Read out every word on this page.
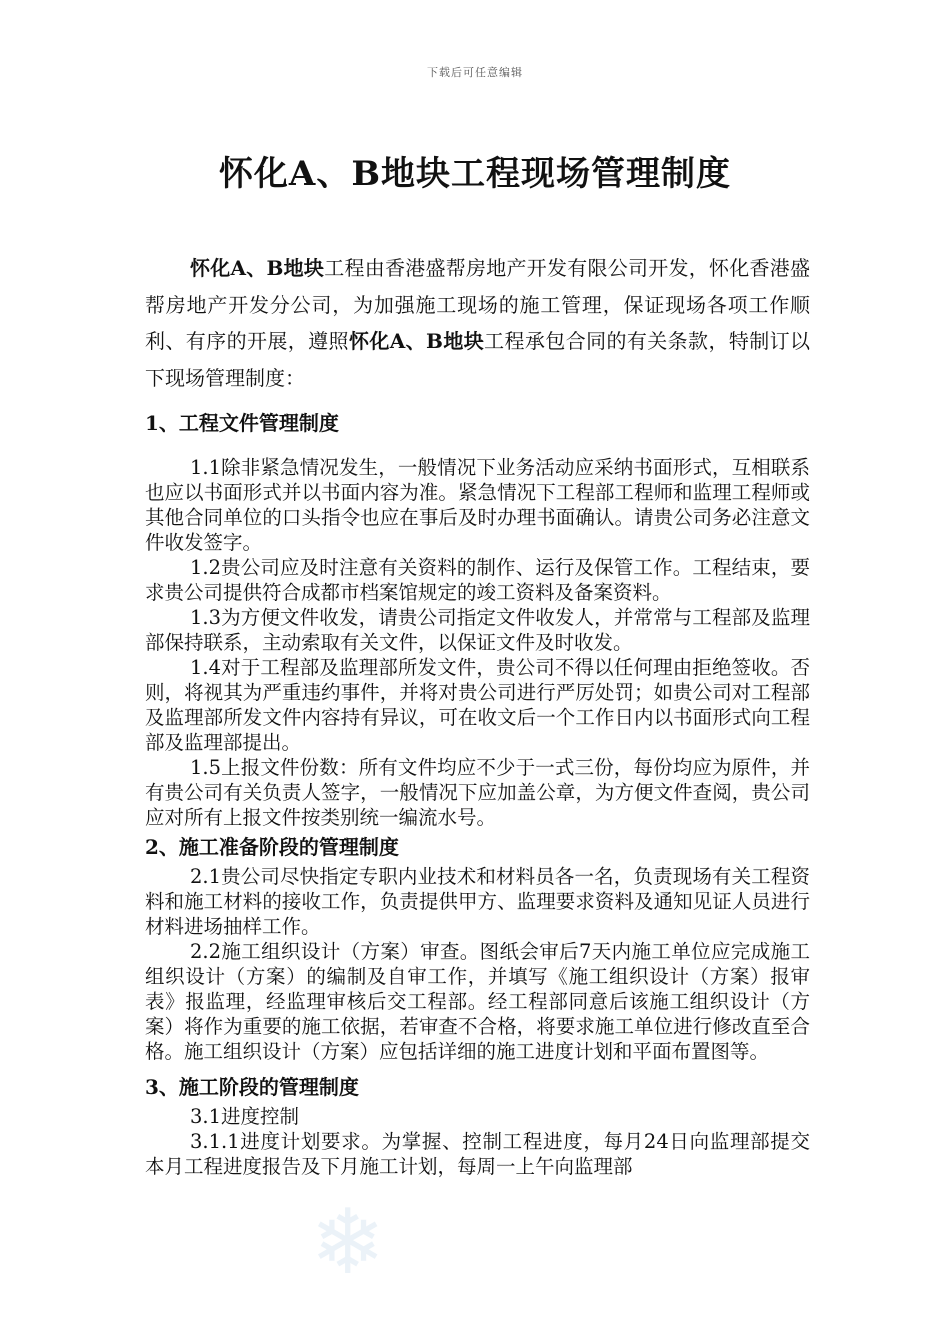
❄
下载后可任意编辑
怀化A、B地块工程现场管理制度

怀化A、B地块工程由香港盛帮房地产开发有限公司开发，怀化香港盛帮房地产开发分公司，为加强施工现场的施工管理，保证现场各项工作顺利、有序的开展，遵照怀化A、B地块工程承包合同的有关条款，特制订以下现场管理制度：

1、工程文件管理制度

1.1除非紧急情况发生，一般情况下业务活动应采纳书面形式，互相联系也应以书面形式并以书面内容为准。紧急情况下工程部工程师和监理工程师或其他合同单位的口头指令也应在事后及时办理书面确认。请贵公司务必注意文件收发签字。

1.2贵公司应及时注意有关资料的制作、运行及保管工作。工程结束，要求贵公司提供符合成都市档案馆规定的竣工资料及备案资料。

1.3为方便文件收发，请贵公司指定文件收发人，并常常与工程部及监理部保持联系，主动索取有关文件，以保证文件及时收发。

1.4对于工程部及监理部所发文件，贵公司不得以任何理由拒绝签收。否则，将视其为严重违约事件，并将对贵公司进行严厉处罚；如贵公司对工程部及监理部所发文件内容持有异议，可在收文后一个工作日内以书面形式向工程部及监理部提出。

1.5上报文件份数：所有文件均应不少于一式三份，每份均应为原件，并有贵公司有关负责人签字，一般情况下应加盖公章，为方便文件查阅，贵公司应对所有上报文件按类别统一编流水号。

2、施工准备阶段的管理制度

2.1贵公司尽快指定专职内业技术和材料员各一名，负责现场有关工程资料和施工材料的接收工作，负责提供甲方、监理要求资料及通知见证人员进行材料进场抽样工作。

2.2施工组织设计（方案）审查。图纸会审后7天内施工单位应完成施工组织设计（方案）的编制及自审工作，并填写《施工组织设计（方案）报审表》报监理，经监理审核后交工程部。经工程部同意后该施工组织设计（方案）将作为重要的施工依据，若审查不合格，将要求施工单位进行修改直至合格。施工组织设计（方案）应包括详细的施工进度计划和平面布置图等。

3、施工阶段的管理制度

3.1进度控制

3.1.1进度计划要求。为掌握、控制工程进度，每月24日向监理部提交本月工程进度报告及下月施工计划，每周一上午向监理部
